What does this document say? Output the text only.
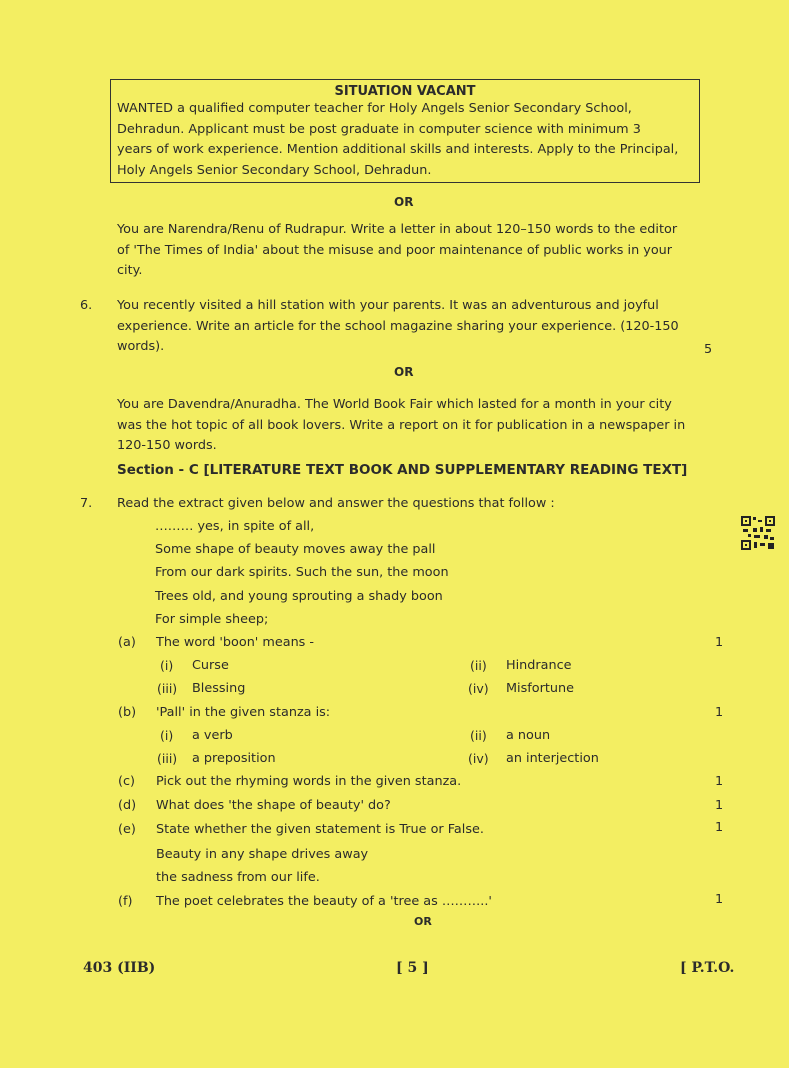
SITUATION VACANT
WANTED a qualified computer teacher for Holy Angels Senior Secondary School,
Dehradun. Applicant must be post graduate in computer science with minimum 3
years of work experience. Mention additional skills and interests. Apply to the Principal,
Holy Angels Senior Secondary School, Dehradun.
OR
You are Narendra/Renu of Rudrapur. Write a letter in about 120–150 words to the editor
of 'The Times of India' about the misuse and poor maintenance of public works in your
city.
6. You recently visited a hill station with your parents. It was an adventurous and joyful
experience. Write an article for the school magazine sharing your experience. (120-150
words).	5
OR
You are Davendra/Anuradha. The World Book Fair which lasted for a month in your city
was the hot topic of all book lovers. Write a report on it for publication in a newspaper in
120-150 words.
Section - C [LITERATURE TEXT BOOK AND SUPPLEMENTARY READING TEXT]
7. Read the extract given below and answer the questions that follow :
……… yes, in spite of all,
Some shape of beauty moves away the pall
From our dark spirits. Such the sun, the moon
Trees old, and young sprouting a shady boon
For simple sheep;
(a) The word 'boon' means -	1
(i) Curse	(ii) Hindrance
(iii) Blessing	(iv) Misfortune
(b) 'Pall' in the given stanza is:	1
(i) a verb	(ii) a noun
(iii) a preposition	(iv) an interjection
(c) Pick out the rhyming words in the given stanza.	1
(d) What does 'the shape of beauty' do?	1
(e) State whether the given statement is True or False.	1
Beauty in any shape drives away
the sadness from our life.
(f) The poet celebrates the beauty of a 'tree as ………..'	1
OR
403 (IIB)	[ 5 ]	[ P.T.O.
